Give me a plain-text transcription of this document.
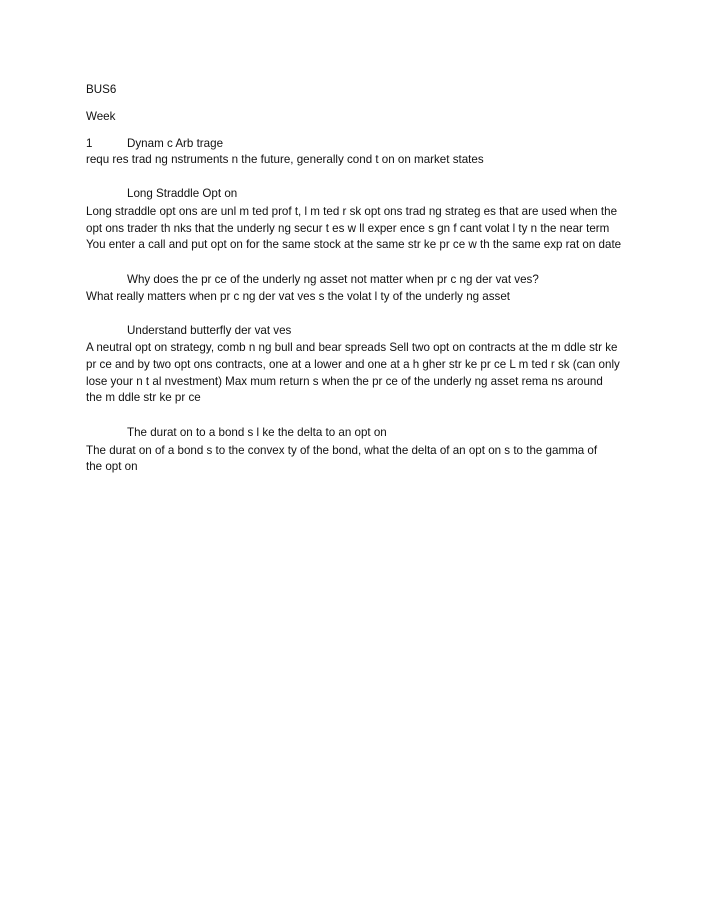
BUS6
Week
1	Dynam c Arb trage
requ res trad ng nstruments n the future, generally cond t on on market states
Long Straddle Opt on
Long straddle opt ons are unl m ted prof t, l m ted r sk opt ons trad ng strateg es that are used when the
opt ons trader th nks that the underly ng secur t es w ll exper ence s gn f cant volat l ty n the near term
You enter a call and put opt on for the same stock at the same str ke pr ce w th the same exp rat on date
Why does the pr ce of the underly ng asset not matter when pr c ng der vat ves?
What really matters when pr c ng der vat ves s the volat l ty of the underly ng asset
Understand butterfly der vat ves
A neutral opt on strategy, comb n ng bull and bear spreads Sell two opt on contracts at the m ddle str ke
pr ce and by two opt ons contracts, one at a lower and one at a h gher str ke pr ce L m ted r sk (can only
lose your n t al nvestment) Max mum return s when the pr ce of the underly ng asset rema ns around
the m ddle str ke pr ce
The durat on to a bond s l ke the delta to an opt on
The durat on of a bond s to the convex ty of the bond, what the delta of an opt on s to the gamma of
the opt on
